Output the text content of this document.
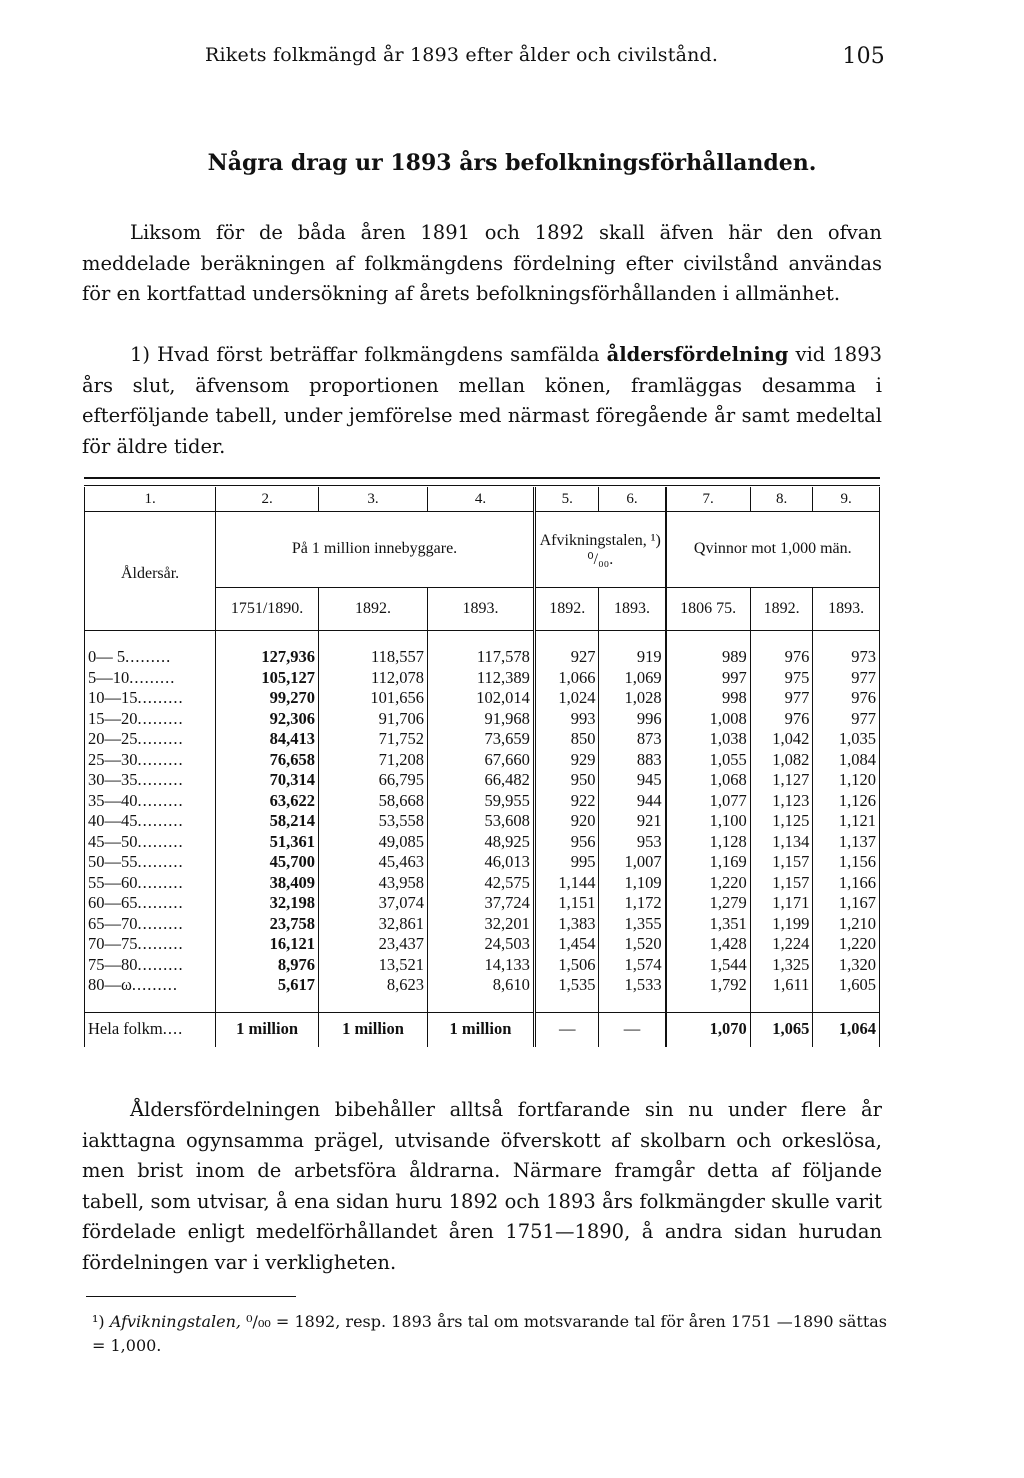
Rikets folkmängd år 1893 efter ålder och civilstånd.	105
Några drag ur 1893 års befolkningsförhållanden.
Liksom för de båda åren 1891 och 1892 skall äfven här den ofvan meddelade beräkningen af folkmängdens fördelning efter civilstånd användas för en kortfattad undersökning af årets befolkningsförhållanden i allmänhet.
1) Hvad först beträffar folkmängdens samfälda åldersfördelning vid 1893 års slut, äfvensom proportionen mellan könen, framläggas desamma i efterföljande tabell, under jemförelse med närmast föregående år samt medeltal för äldre tider.
1.	2.	3.	4.	5.	6.	7.	8.	9.
Åldersår.	På 1 million innebyggare.			Afvikningstalen, ¹) ⁰/₀₀.		Qvinnor mot 1,000 män.		
	1751/1890.	1892.	1893.	1892.	1893.	1806 75.	1892.	1893.

0— 5.........	127,936	118,557	117,578	927	919	989	976	973
5—10.........	105,127	112,078	112,389	1,066	1,069	997	975	977
10—15.........	99,270	101,656	102,014	1,024	1,028	998	977	976
15—20.........	92,306	91,706	91,968	993	996	1,008	976	977
20—25.........	84,413	71,752	73,659	850	873	1,038	1,042	1,035
25—30.........	76,658	71,208	67,660	929	883	1,055	1,082	1,084
30—35.........	70,314	66,795	66,482	950	945	1,068	1,127	1,120
35—40.........	63,622	58,668	59,955	922	944	1,077	1,123	1,126
40—45.........	58,214	53,558	53,608	920	921	1,100	1,125	1,121
45—50.........	51,361	49,085	48,925	956	953	1,128	1,134	1,137
50—55.........	45,700	45,463	46,013	995	1,007	1,169	1,157	1,156
55—60.........	38,409	43,958	42,575	1,144	1,109	1,220	1,157	1,166
60—65.........	32,198	37,074	37,724	1,151	1,172	1,279	1,171	1,167
65—70.........	23,758	32,861	32,201	1,383	1,355	1,351	1,199	1,210
70—75.........	16,121	23,437	24,503	1,454	1,520	1,428	1,224	1,220
75—80.........	8,976	13,521	14,133	1,506	1,574	1,544	1,325	1,320
80—ω.........	5,617	8,623	8,610	1,535	1,533	1,792	1,611	1,605

Hela folkm....	1 million	1 million	1 million	—	—	1,070	1,065	1,064
Åldersfördelningen bibehåller alltså fortfarande sin nu under flere år iakttagna ogynsamma prägel, utvisande öfverskott af skolbarn och orkeslösa, men brist inom de arbetsföra åldrarna. Närmare framgår detta af följande tabell, som utvisar, å ena sidan huru 1892 och 1893 års folkmängder skulle varit fördelade enligt medelförhållandet åren 1751—1890, å andra sidan hurudan fördelningen var i verkligheten.
¹) Afvikningstalen, ⁰/₀₀ = 1892, resp. 1893 års tal om motsvarande tal för åren 1751 —1890 sättas = 1,000.
